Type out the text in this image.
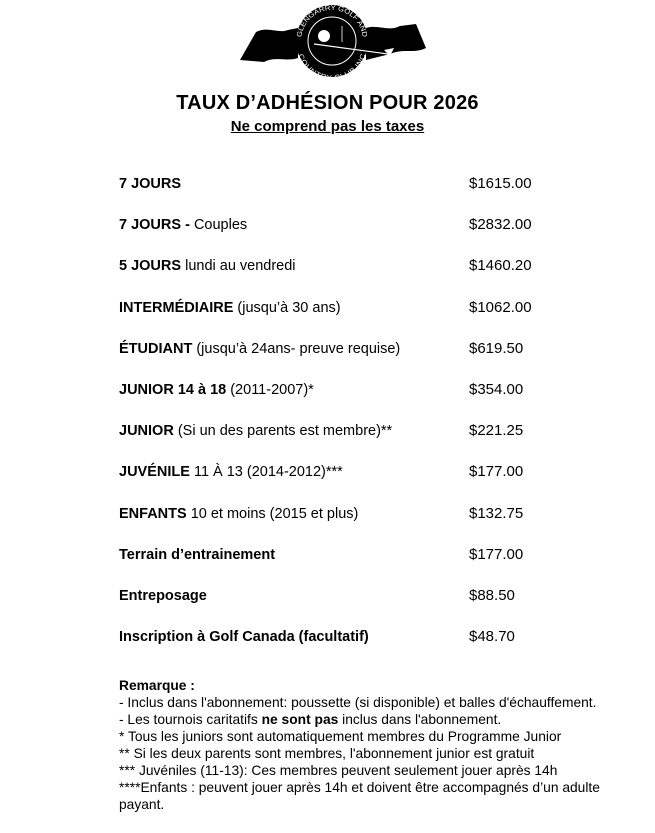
GLENGARRY GOLF AND
COUNTR LUB INC
TAUX D’ADHÉSION POUR 2026
Ne comprend pas les taxes
7 JOURS	$1615.00
7 JOURS - Couples	$2832.00
5 JOURS lundi au vendredi	$1460.20
INTERMÉDIAIRE (jusqu’à 30 ans)	$1062.00
ÉTUDIANT (jusqu’à 24ans- preuve requise)	$619.50
JUNIOR 14 à 18 (2011-2007)*	$354.00
JUNIOR (Si un des parents est membre)**	$221.25
JUVÉNILE 11 À 13 (2014-2012)***	$177.00
ENFANTS 10 et moins (2015 et plus)	$132.75
Terrain d’entrainement	$177.00
Entreposage	$88.50
Inscription à Golf Canada (facultatif)	$48.70
Remarque :
- Inclus dans l'abonnement: poussette (si disponible) et balles d'échauffement.
- Les tournois caritatifs ne sont pas inclus dans l'abonnement.
* Tous les juniors sont automatiquement membres du Programme Junior
** Si les deux parents sont membres, l'abonnement junior est gratuit
*** Juvéniles (11-13): Ces membres peuvent seulement jouer après 14h
****Enfants : peuvent jouer après 14h et doivent être accompagnés d’un adulte
payant.
